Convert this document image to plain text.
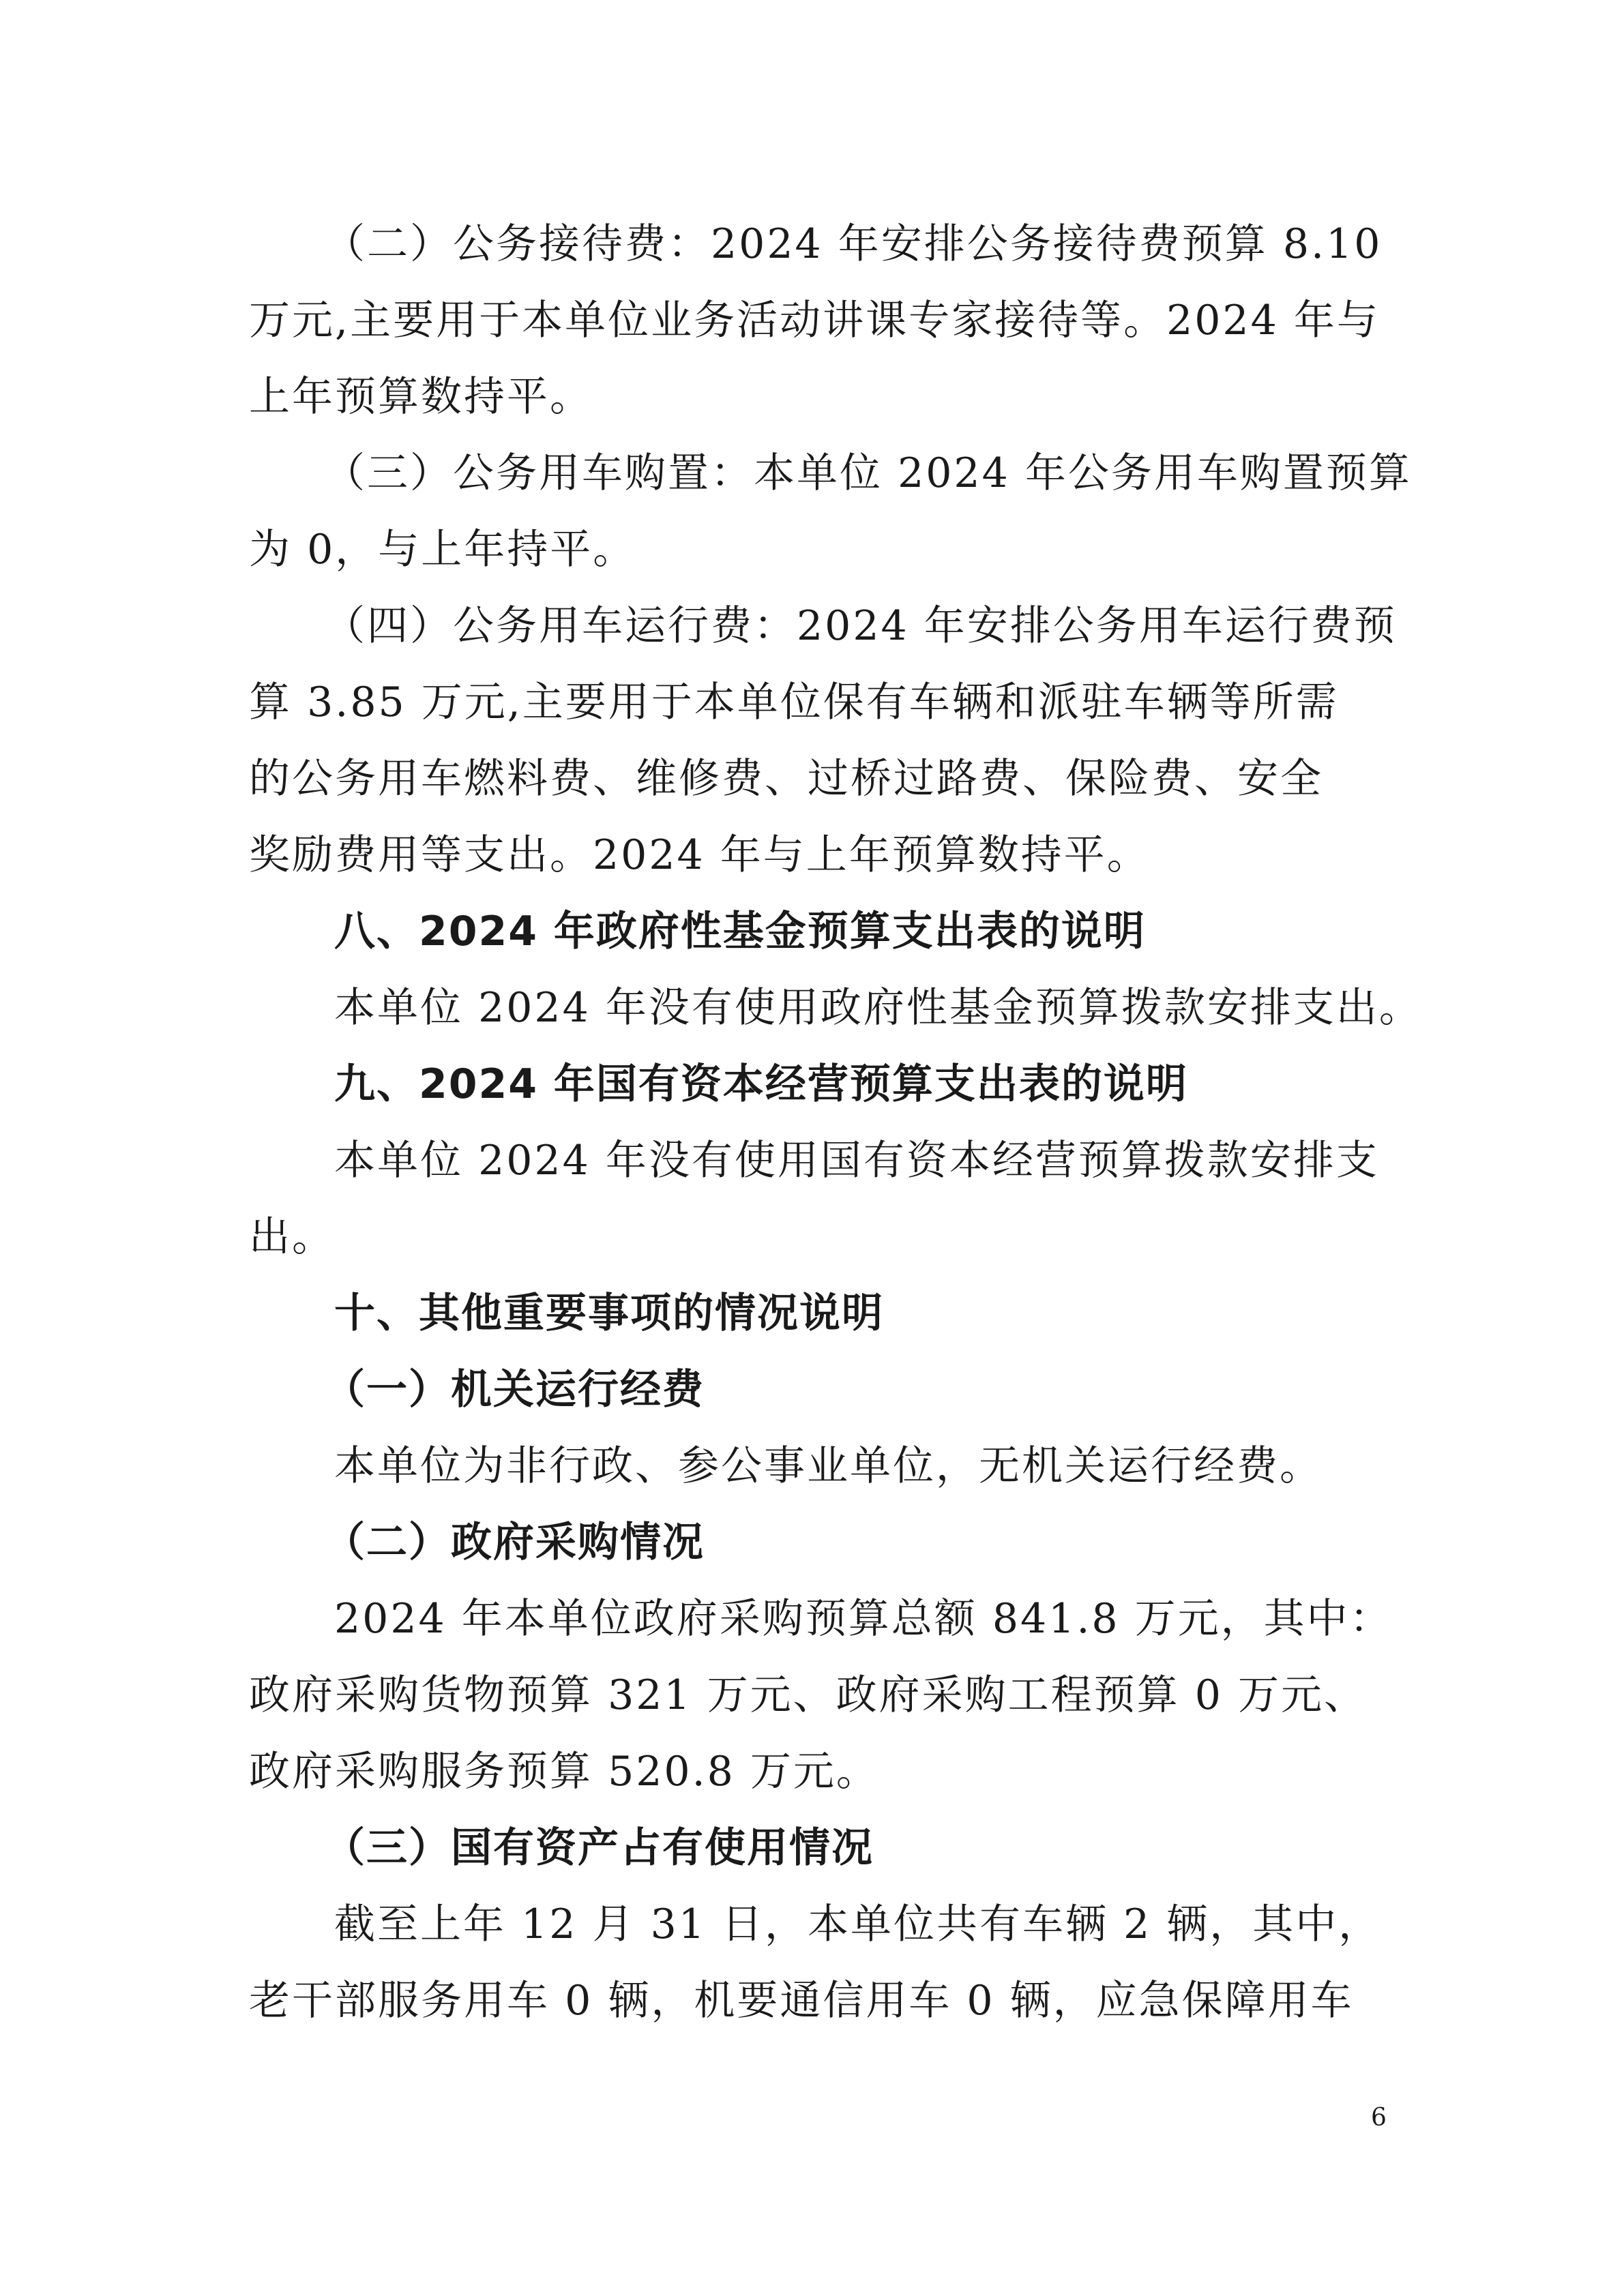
（二）公务接待费：2024 年安排公务接待费预算 8.10
万元,主要用于本单位业务活动讲课专家接待等。2024 年与
上年预算数持平。
（三）公务用车购置：本单位 2024 年公务用车购置预算
为 0，与上年持平。
（四）公务用车运行费：2024 年安排公务用车运行费预
算 3.85 万元,主要用于本单位保有车辆和派驻车辆等所需
的公务用车燃料费、维修费、过桥过路费、保险费、安全
奖励费用等支出。2024 年与上年预算数持平。
八、2024 年政府性基金预算支出表的说明
本单位 2024 年没有使用政府性基金预算拨款安排支出。
九、2024 年国有资本经营预算支出表的说明
本单位 2024 年没有使用国有资本经营预算拨款安排支
出。
十、其他重要事项的情况说明
（一）机关运行经费
本单位为非行政、参公事业单位，无机关运行经费。
（二）政府采购情况
2024 年本单位政府采购预算总额 841.8 万元，其中：
政府采购货物预算 321 万元、政府采购工程预算 0 万元、
政府采购服务预算 520.8 万元。
（三）国有资产占有使用情况
截至上年 12 月 31 日，本单位共有车辆 2 辆，其中，
老干部服务用车 0 辆，机要通信用车 0 辆，应急保障用车
6
